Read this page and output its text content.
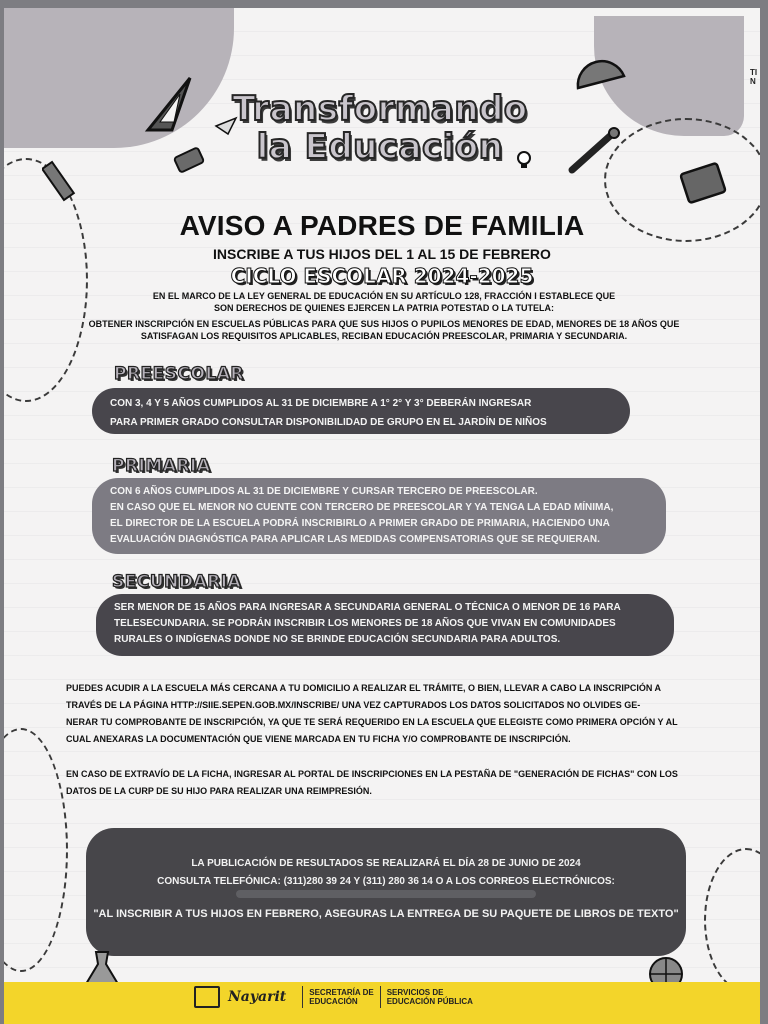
TI N
Transformando
la Educación
AVISO A PADRES DE FAMILIA
INSCRIBE A TUS HIJOS DEL 1 AL 15 DE FEBRERO
CICLO ESCOLAR 2024-2025
EN EL MARCO DE LA LEY GENERAL DE EDUCACIÓN EN SU ARTÍCULO 128, FRACCIÓN I ESTABLECE QUE
SON DERECHOS DE QUIENES EJERCEN LA PATRIA POTESTAD O LA TUTELA:
OBTENER INSCRIPCIÓN EN ESCUELAS PÚBLICAS PARA QUE SUS HIJOS O PUPILOS MENORES DE EDAD, MENORES DE 18 AÑOS QUE
SATISFAGAN LOS REQUISITOS APLICABLES, RECIBAN EDUCACIÓN PREESCOLAR, PRIMARIA Y SECUNDARIA.
PREESCOLAR
CON 3, 4 Y 5 AÑOS CUMPLIDOS AL 31 DE DICIEMBRE A 1° 2° Y 3° DEBERÁN INGRESAR
PARA PRIMER GRADO CONSULTAR DISPONIBILIDAD DE GRUPO EN EL JARDÍN DE NIÑOS
PRIMARIA
CON 6 AÑOS CUMPLIDOS AL 31 DE DICIEMBRE Y CURSAR TERCERO DE PREESCOLAR.
EN CASO QUE EL MENOR NO CUENTE CON TERCERO DE PREESCOLAR Y YA TENGA LA EDAD MÍNIMA,
EL DIRECTOR DE LA ESCUELA PODRÁ INSCRIBIRLO A PRIMER GRADO DE PRIMARIA, HACIENDO UNA
EVALUACIÓN DIAGNÓSTICA PARA APLICAR LAS MEDIDAS COMPENSATORIAS QUE SE REQUIERAN.
SECUNDARIA
SER MENOR DE 15 AÑOS PARA INGRESAR A SECUNDARIA GENERAL O TÉCNICA O MENOR DE 16 PARA
TELESECUNDARIA. SE PODRÁN INSCRIBIR LOS MENORES DE 18 AÑOS QUE VIVAN EN COMUNIDADES
RURALES O INDÍGENAS DONDE NO SE BRINDE EDUCACIÓN SECUNDARIA PARA ADULTOS.
PUEDES ACUDIR A LA ESCUELA MÁS CERCANA A TU DOMICILIO A REALIZAR EL TRÁMITE, O BIEN, LLEVAR A CABO LA INSCRIPCIÓN A
TRAVÉS DE LA PÁGINA HTTP://SIIE.SEPEN.GOB.MX/INSCRIBE/ UNA VEZ CAPTURADOS LOS DATOS SOLICITADOS NO OLVIDES GE-
NERAR TU COMPROBANTE DE INSCRIPCIÓN, YA QUE TE SERÁ REQUERIDO EN LA ESCUELA QUE ELEGISTE COMO PRIMERA OPCIÓN Y AL
CUAL ANEXARAS LA DOCUMENTACIÓN QUE VIENE MARCADA EN TU FICHA Y/O COMPROBANTE DE INSCRIPCIÓN.
EN CASO DE EXTRAVÍO DE LA FICHA, INGRESAR AL PORTAL DE INSCRIPCIONES EN LA PESTAÑA DE "GENERACIÓN DE FICHAS" CON LOS
DATOS DE LA CURP DE SU HIJO PARA REALIZAR UNA REIMPRESIÓN.
LA PUBLICACIÓN DE RESULTADOS SE REALIZARÁ EL DÍA 28 DE JUNIO DE 2024
CONSULTA TELEFÓNICA: (311)280 39 24 Y (311) 280 36 14 O A LOS CORREOS ELECTRÓNICOS:
"AL INSCRIBIR A TUS HIJOS EN FEBRERO, ASEGURAS LA ENTREGA DE SU PAQUETE DE LIBROS DE TEXTO"
Nayarit	SECRETARÍA DE
EDUCACIÓN
SERVICIOS DE
EDUCACIÓN PÚBLICA
